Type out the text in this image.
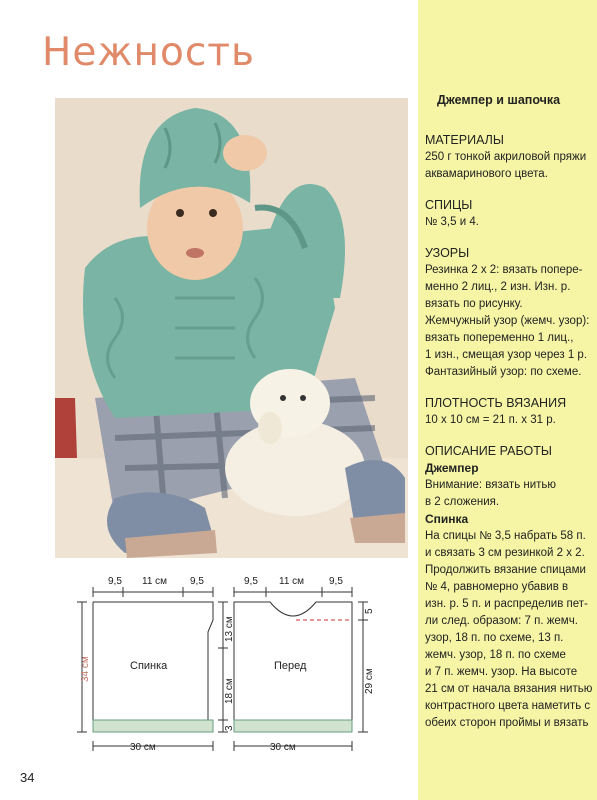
Нежность
Джемпер и шапочка

МАТЕРИАЛЫ

250 г тонкой акриловой пряжи

аквамаринового цвета.

СПИЦЫ

№ 3,5 и 4.

УЗОРЫ

Резинка 2 х 2: вязать попере-

менно 2 лиц., 2 изн. Изн. р.

вязать по рисунку.

Жемчужный узор (жемч. узор):

вязать попеременно 1 лиц.,

1 изн., смещая узор через 1 р.

Фантазийный узор: по схеме.

ПЛОТНОСТЬ ВЯЗАНИЯ

10 х 10 см = 21 п. х 31 р.

ОПИСАНИЕ РАБОТЫ

Джемпер

Внимание: вязать нитью

в 2 сложения.

Спинка

На спицы № 3,5 набрать 58 п.

и связать 3 см резинкой 2 х 2.

Продолжить вязание спицами

№ 4, равномерно убавив в

изн. р. 5 п. и распределив пет-

ли след. образом: 7 п. жемч.

узор, 18 п. по схеме, 13 п.

жемч. узор, 18 п. по схеме

и 7 п. жемч. узор. На высоте

21 см от начала вязания нитью

контрастного цвета наметить с

обеих сторон проймы и вязать

9,5 11 см 9,5	9,5 11 см 9,5
Спинка	Перед
30 см	30 см
34 см
13 см
18 см
3
5
29 см
34
